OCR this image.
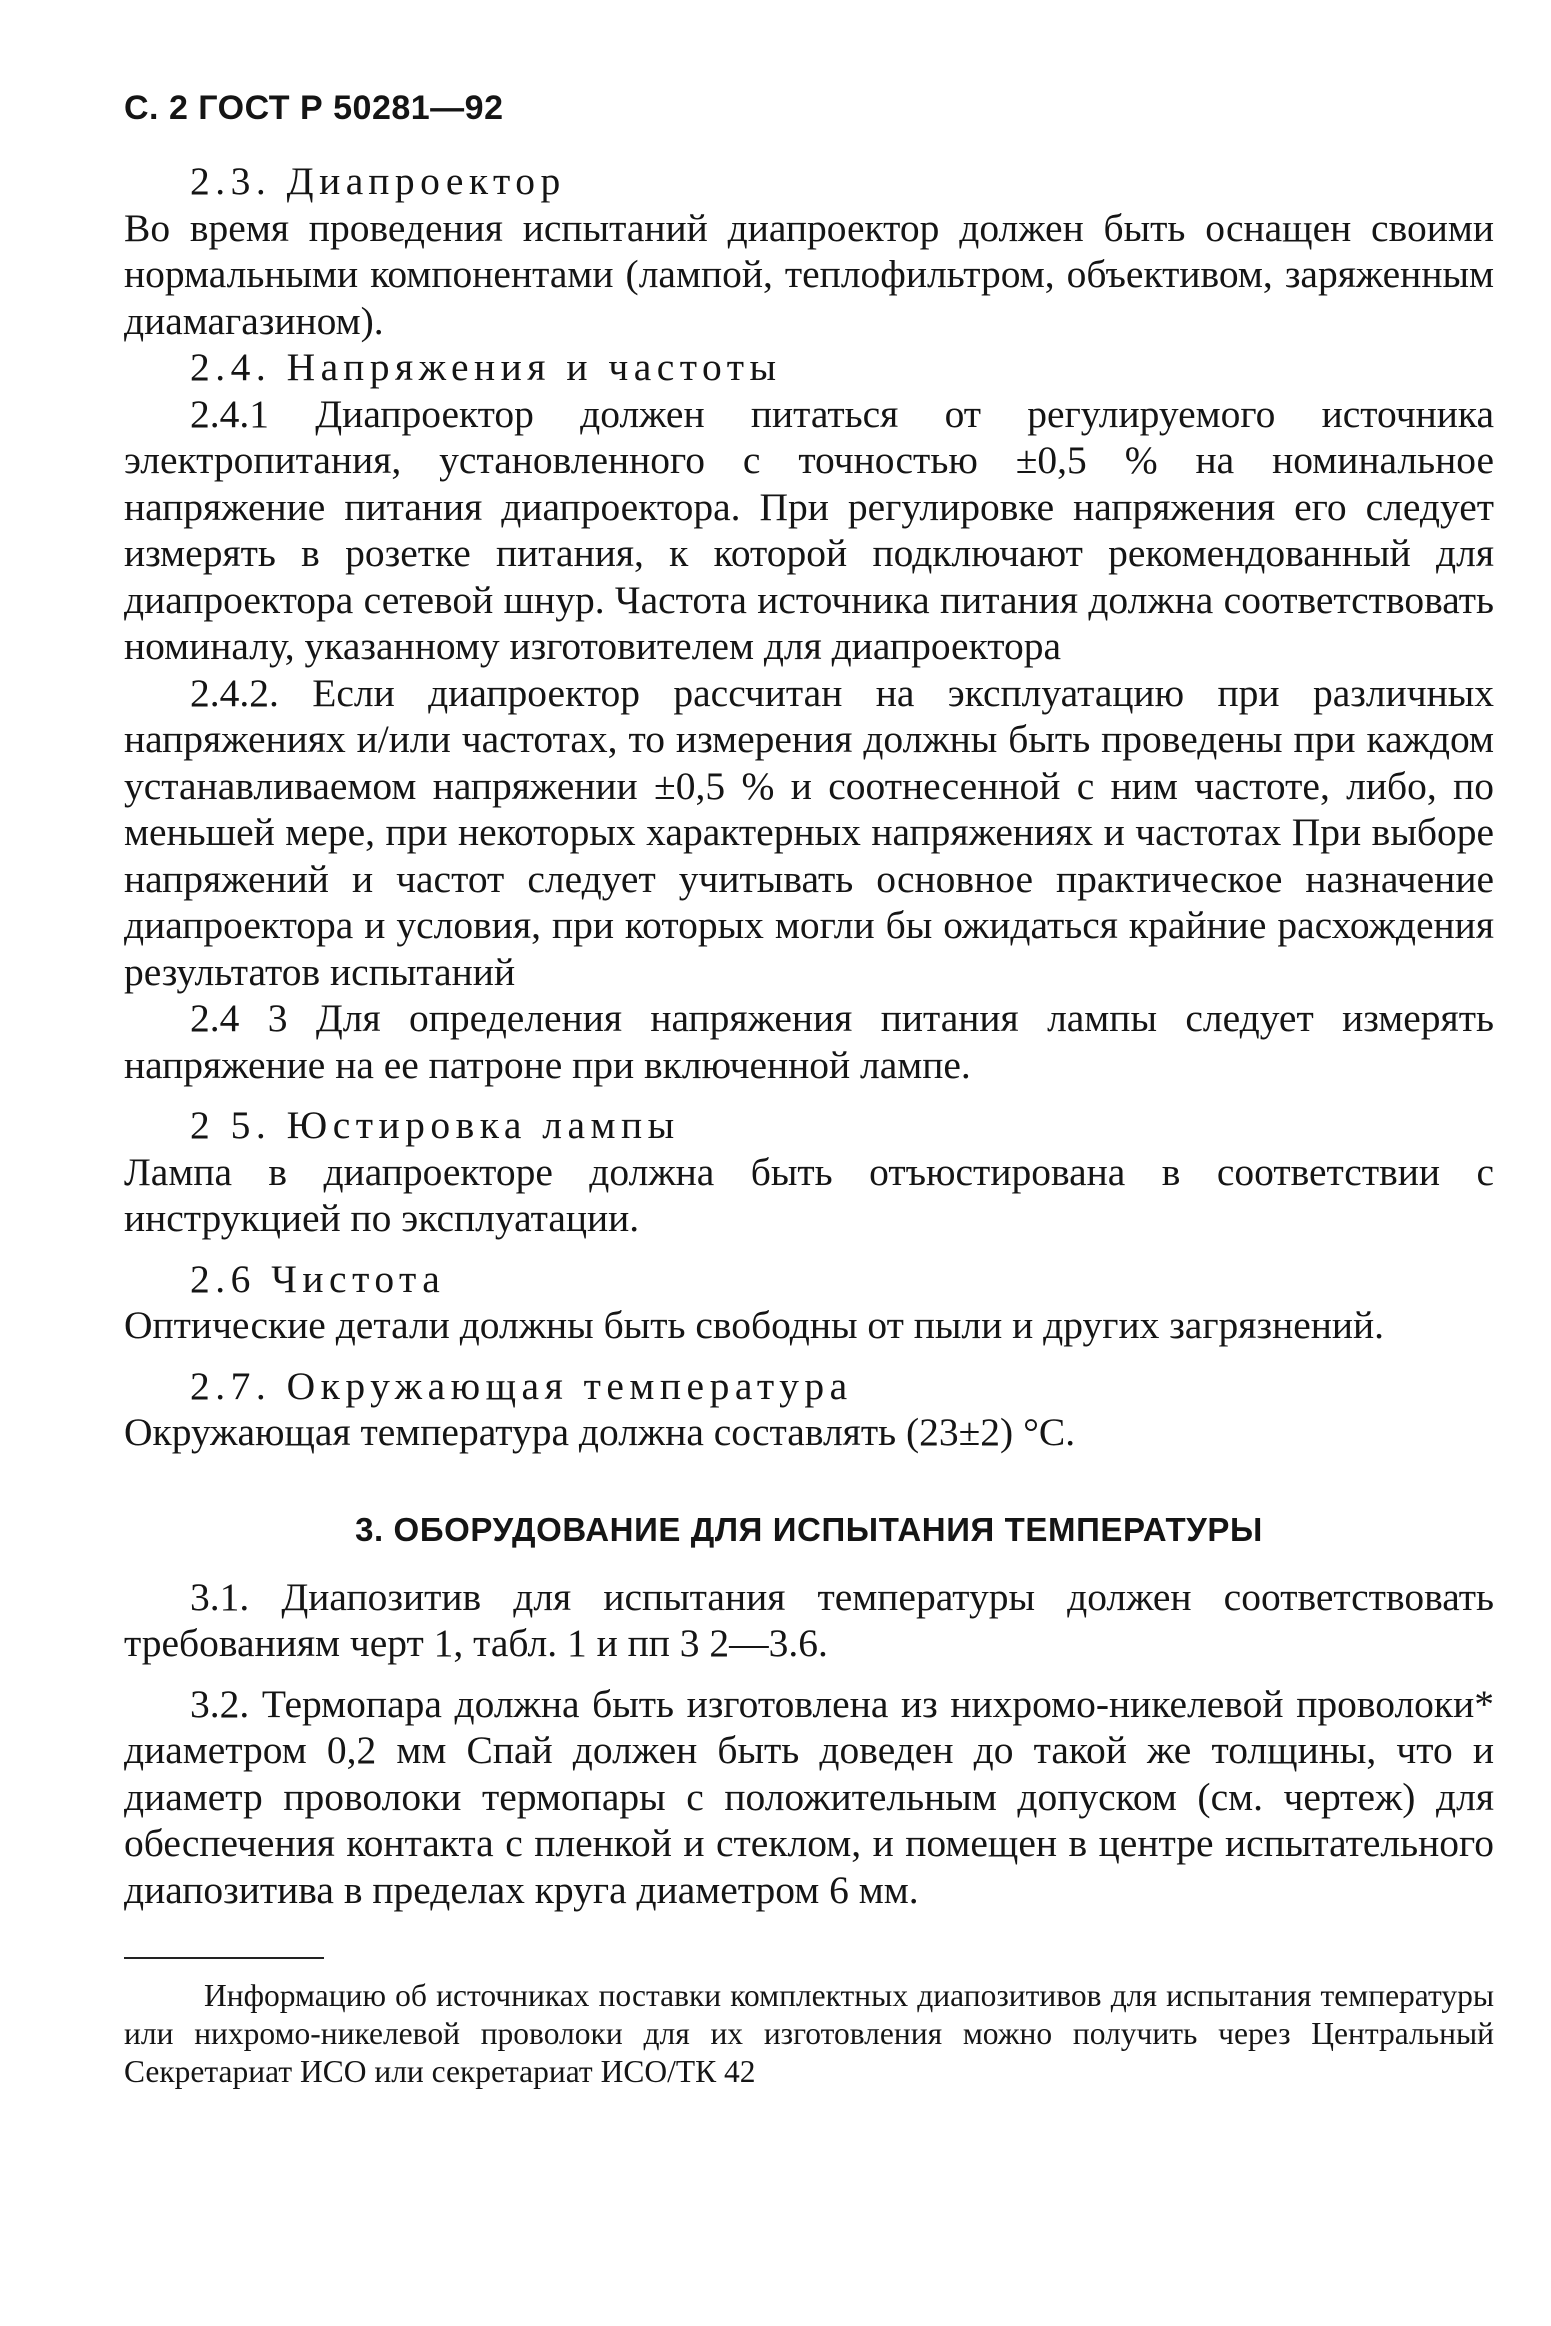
С. 2 ГОСТ Р 50281—92

2.3. Диапроектор

Во время проведения испытаний диапроектор должен быть оснащен своими нормальными компонентами (лампой, теплофильтром, объективом, заряженным диамагазином).

2.4. Напряжения и частоты

2.4.1 Диапроектор должен питаться от регулируемого источника электропитания, установленного с точностью ±0,5 % на номинальное напряжение питания диапроектора. При регулировке напряжения его следует измерять в розетке питания, к которой подключают рекомендованный для диапроектора сетевой шнур. Частота источника питания должна соответствовать номиналу, указанному изготовителем для диапроектора

2.4.2. Если диапроектор рассчитан на эксплуатацию при различных напряжениях и/или частотах, то измерения должны быть проведены при каждом устанавливаемом напряжении ±0,5 % и соотнесенной с ним частоте, либо, по меньшей мере, при некоторых характерных напряжениях и частотах При выборе напряжений и частот следует учитывать основное практическое назначение диапроектора и условия, при которых могли бы ожидаться крайние расхождения результатов испытаний

2.4 3 Для определения напряжения питания лампы следует измерять напряжение на ее патроне при включенной лампе.

2 5. Юстировка лампы

Лампа в диапроекторе должна быть отъюстирована в соответствии с инструкцией по эксплуатации.

2.6 Чистота

Оптические детали должны быть свободны от пыли и других загрязнений.

2.7. Окружающая температура

Окружающая температура должна составлять (23±2) °С.

3. ОБОРУДОВАНИЕ ДЛЯ ИСПЫТАНИЯ ТЕМПЕРАТУРЫ

3.1. Диапозитив для испытания температуры должен соответствовать требованиям черт 1, табл. 1 и пп 3 2—3.6.

3.2. Термопара должна быть изготовлена из нихромо-никелевой проволоки* диаметром 0,2 мм Спай должен быть доведен до такой же толщины, что и диаметр проволоки термопары с положительным допуском (см. чертеж) для обеспечения контакта с пленкой и стеклом, и помещен в центре испытательного диапозитива в пределах круга диаметром 6 мм.

Информацию об источниках поставки комплектных диапозитивов для испытания температуры или нихромо-никелевой проволоки для их изготовления можно получить через Центральный Секретариат ИСО или секретариат ИСО/ТК 42
